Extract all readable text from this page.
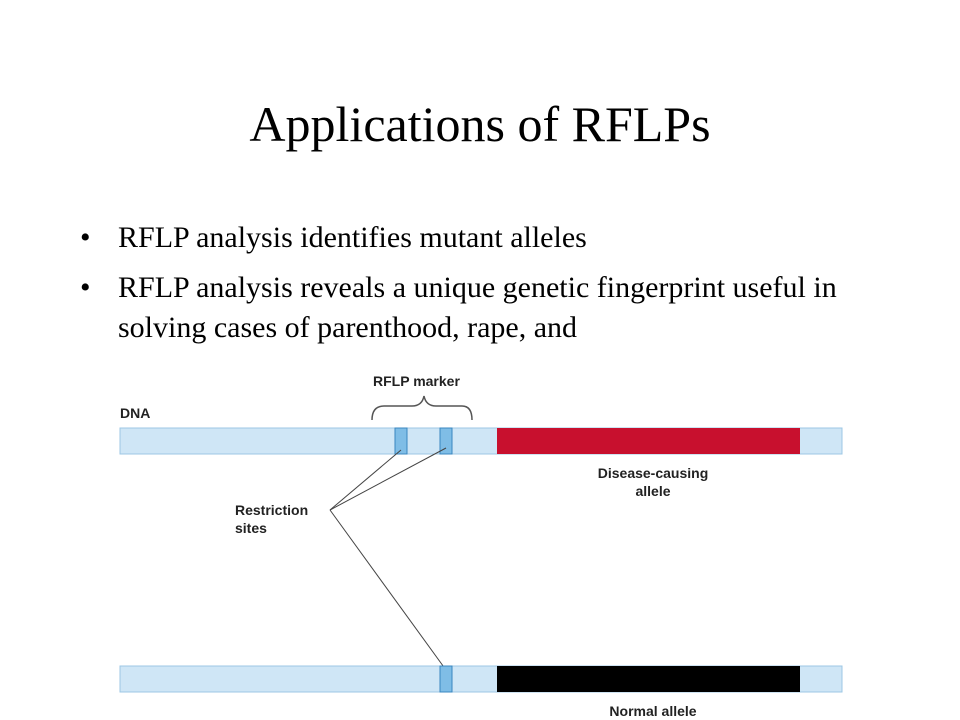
Applications of RFLPs
• RFLP analysis identifies mutant alleles
• RFLP analysis reveals a unique genetic fingerprint useful in solving cases of parenthood, rape, and
RFLP marker
DNA
Disease-causing
allele
Restriction
sites
Normal allele
